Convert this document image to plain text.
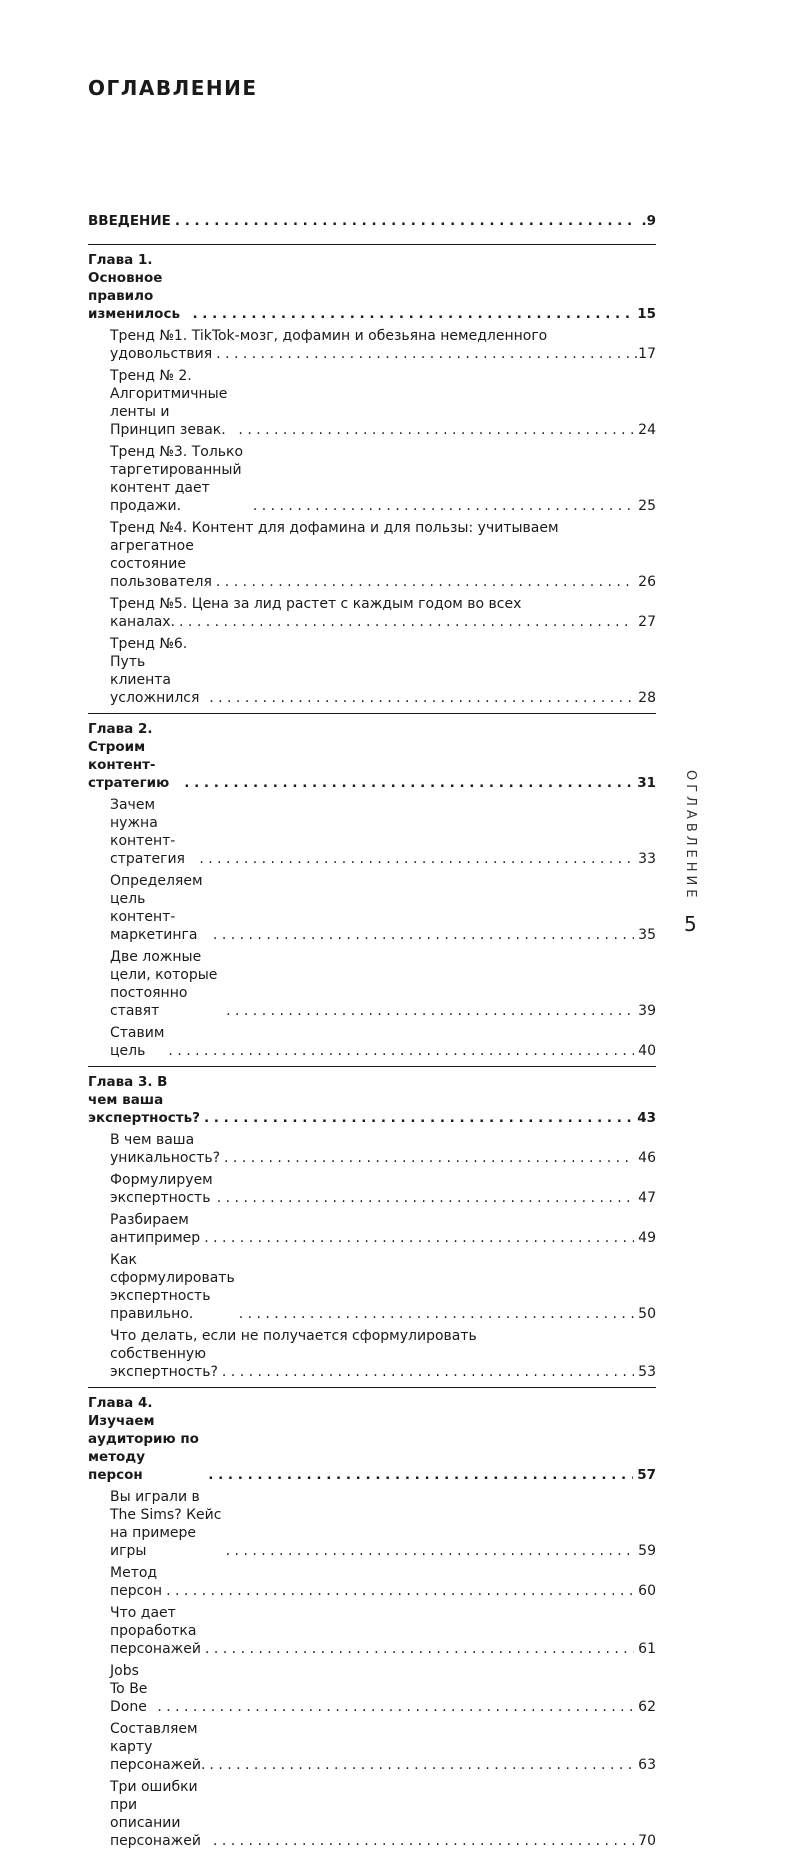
ОГЛАВЛЕНИЕ
ВВЕДЕНИЕ . . .	.9
Глава 1. Основное правило изменилось . . .	15
Тренд №1. TikTok-мозг, дофамин и обезьяна немедленного
удовольствия . . .	.17
Тренд № 2. Алгоритмичные ленты и Принцип зевак. . . .	24
Тренд №3. Только таргетированный контент дает продажи. . . .	25
Тренд №4. Контент для дофамина и для пользы: учитываем
агрегатное состояние пользователя . . .	26
Тренд №5. Цена за лид растет с каждым годом во всех
каналах. . . .	27
Тренд №6. Путь клиента усложнился . . .	28
Глава 2. Строим контент-стратегию . . .	31
Зачем нужна контент-стратегия . . .	33
Определяем цель контент-маркетинга . . .	35
Две ложные цели, которые постоянно ставят . . .	39
Ставим цель . . .	40
Глава 3. В чем ваша экспертность? . . .	43
В чем ваша уникальность? . . .	46
Формулируем экспертность . . .	47
Разбираем антипример . . .	49
Как сформулировать экспертность правильно. . . .	50
Что делать, если не получается сформулировать
собственную экспертность? . . .	53
Глава 4. Изучаем аудиторию по методу персон . . .	57
Вы играли в The Sims? Кейс на примере игры . . .	59
Метод персон . . .	60
Что дает проработка персонажей . . .	61
Jobs To Be Done . . .	62
Составляем карту персонажей. . . .	63
Три ошибки при описании персонажей . . .	70
ОГЛАВЛЕНИЕ
5
